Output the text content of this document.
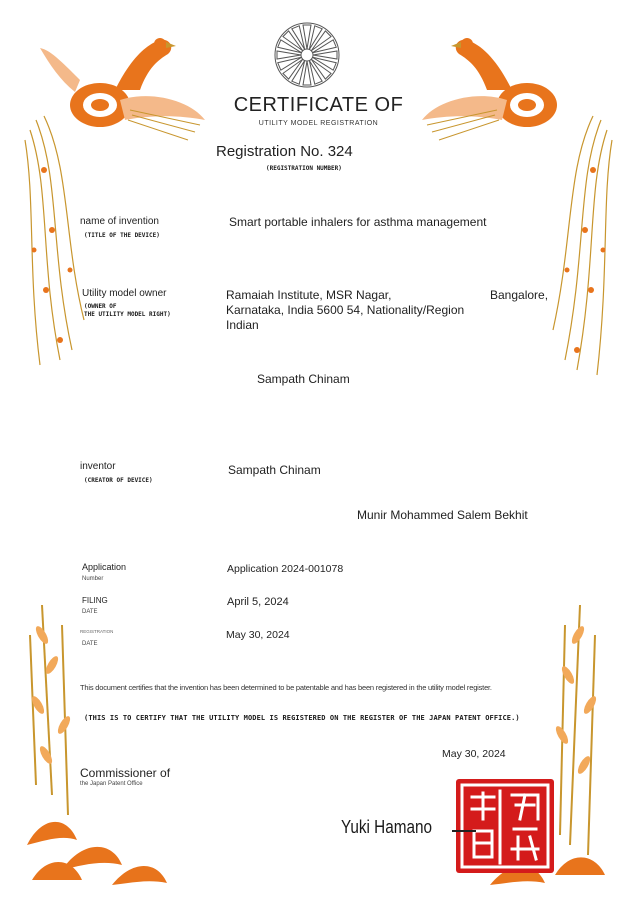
CERTIFICATE OF
UTILITY MODEL REGISTRATION
Registration No. 324
(REGISTRATION NUMBER)
name of invention
(TITLE OF THE DEVICE)
Smart portable inhalers for asthma management
Utility model owner
(OWNER OF
THE UTILITY MODEL RIGHT)
Ramaiah Institute, MSR Nagar,	Bangalore,
Karnataka, India 5600 54, Nationality/Region
Indian
Sampath Chinam
inventor
(CREATOR OF DEVICE)
Sampath Chinam
Munir Mohammed Salem Bekhit
Application
Number
Application 2024-001078
FILING
DATE
April 5, 2024
REGISTRATION
DATE
May 30, 2024
This document certifies that the invention has been determined to be patentable and has been registered in the utility model register.
(THIS IS TO CERTIFY THAT THE UTILITY MODEL IS REGISTERED ON THE REGISTER OF THE JAPAN PATENT OFFICE.)
May 30, 2024
Commissioner of
the Japan Patent Office
Yuki Hamano
